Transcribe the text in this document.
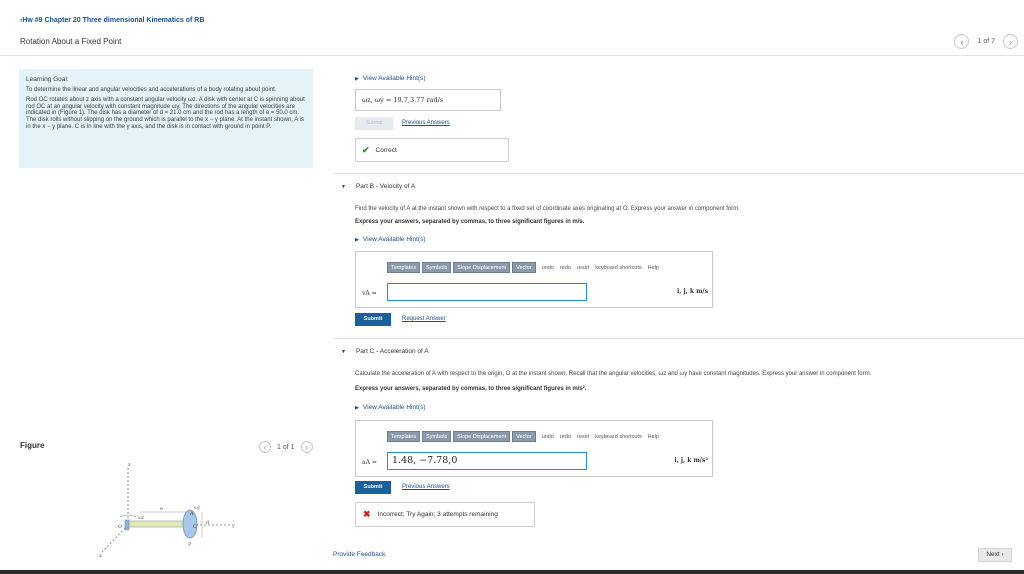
‹Hw #9 Chapter 20 Three dimensional Kinematics of RB
Rotation About a Fixed Point	‹	1 of 7	›
Learning Goal:

To determine the linear and angular velocities and accelerations of a body rotating about point.

Rod OC rotates about z axis with a constant angular velocity ωz. A disk with center at C is spinning about rod OC at an angular velocity with constant magnitude ωy. The directions of the angular velocities are indicated in (Figure 1). The disk has a diameter of d = 21.0 cm and the rod has a length of e = 50.0 cm. The disk rolls without slipping on the ground which is parallel to the x − y plane. At the instant shown, A is in the x − y plane. C is in line with the y axis, and the disk is in contact with ground in point P.

Figure	‹	1 of 1	›
z
x
y
O
e
ωz
ωy
A
C
d
P
▶ View Available Hint(s)
ωz, ωy = 19.7,3.77 rad/s
Submit	Previous Answers
✔ Correct
▼ Part B - Velocity of A
Find the velocity of A at the instant shown with respect to a fixed set of coordinate axes originating at O. Express your answer in component form.
Express your answers, separated by commas, to three significant figures in m/s.
▶ View Available Hint(s)
Templates	Symbols	Slope Displacement	Vector	undo redo reset keyboard shortcuts Help
vA =	i, j, k m/s
Submit	Request Answer
▼ Part C - Acceleration of A
Calculate the acceleration of A with respect to the origin, O at the instant shown. Recall that the angular velocities, ωz and ωy have constant magnitudes. Express your answer in component form.
Express your answers, separated by commas, to three significant figures in m/s².
▶ View Available Hint(s)
Templates	Symbols	Slope Displacement	Vector	undo redo reset keyboard shortcuts Help
aA =	1.48, −7.78,0	i, j, k m/s²
Submit	Previous Answers
✖ Incorrect; Try Again; 3 attempts remaining
Provide Feedback	Next ›
